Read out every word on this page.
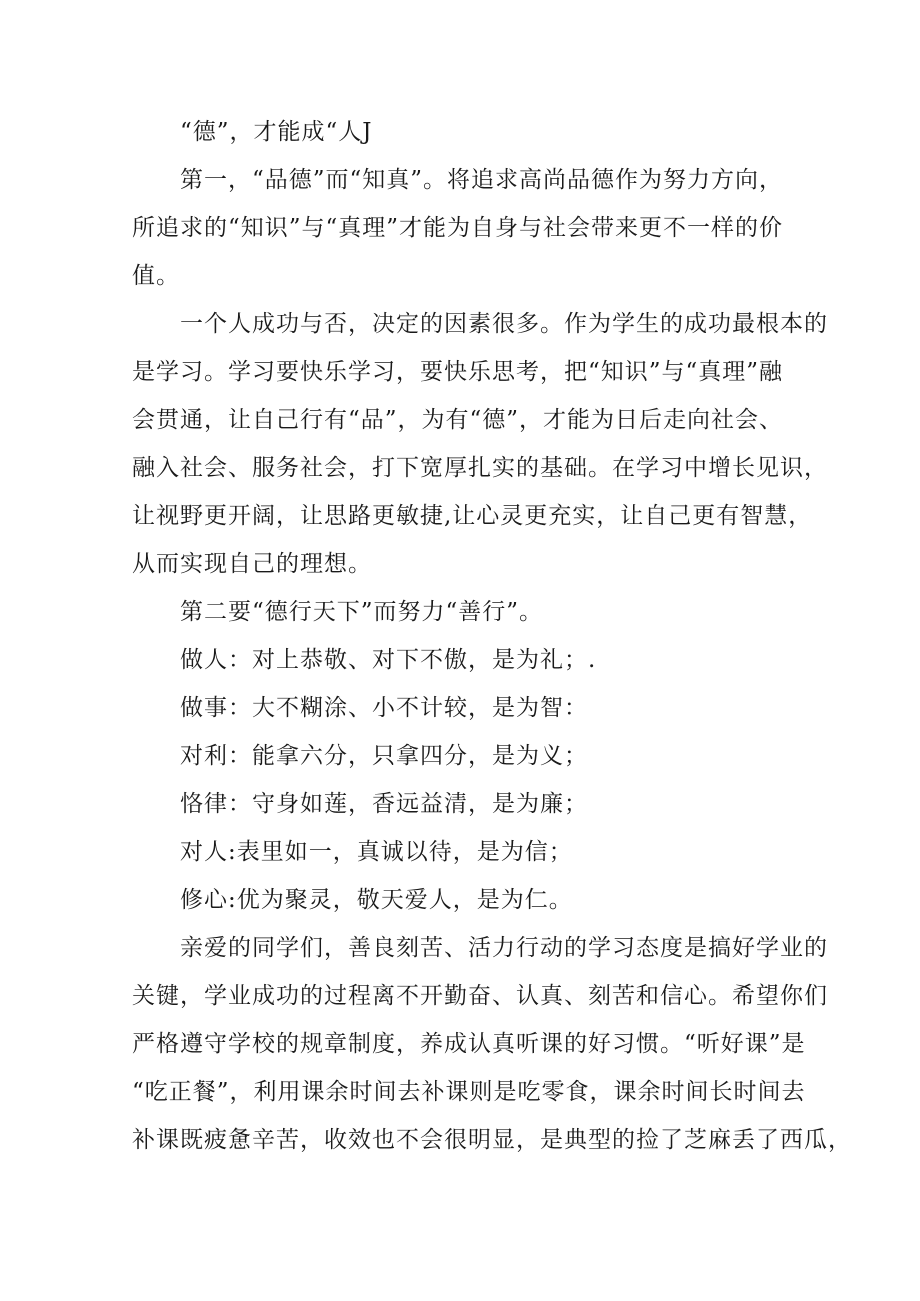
“德”，才能成“人J
第一，“品德”而“知真”。将追求高尚品德作为努力方向，
所追求的“知识”与“真理”才能为自身与社会带来更不一样的价
值。
一个人成功与否，决定的因素很多。作为学生的成功最根本的
是学习。学习要快乐学习，要快乐思考，把“知识”与“真理”融
会贯通，让自己行有“品”，为有“德”，才能为日后走向社会、
融入社会、服务社会，打下宽厚扎实的基础。在学习中增长见识，
让视野更开阔，让思路更敏捷,让心灵更充实，让自己更有智慧，
从而实现自己的理想。
第二要“德行天下”而努力“善行”。
做人：对上恭敬、对下不傲，是为礼；.
做事：大不糊涂、小不计较，是为智：
对利：能拿六分，只拿四分，是为义；
恪律：守身如莲，香远益清，是为廉；
对人:表里如一，真诚以待，是为信；
修心:优为聚灵，敬天爱人，是为仁。
亲爱的同学们，善良刻苦、活力行动的学习态度是搞好学业的
关键，学业成功的过程离不开勤奋、认真、刻苦和信心。希望你们
严格遵守学校的规章制度，养成认真听课的好习惯。“听好课”是
“吃正餐”，利用课余时间去补课则是吃零食，课余时间长时间去
补课既疲惫辛苦，收效也不会很明显，是典型的捡了芝麻丢了西瓜，
